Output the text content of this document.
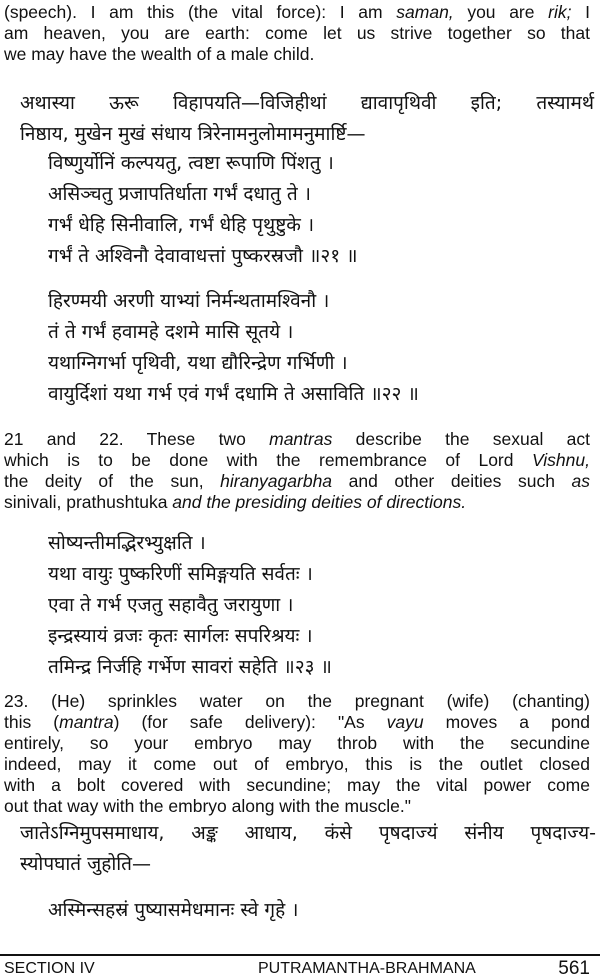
(speech). I am this (the vital force): I am saman, you are rik; I
am heaven, you are earth: come let us strive together so that
we may have the wealth of a male child.
अथास्या ऊरू विहापयति—विजिहीथां द्यावापृथिवी इति; तस्यामर्थ
निष्ठाय, मुखेन मुखं संधाय त्रिरेनामनुलोमामनुमार्ष्टि—
विष्णुर्योनिं कल्पयतु, त्वष्टा रूपाणि पिंशतु ।
असिञ्चतु प्रजापतिर्धाता गर्भं दधातु ते ।
गर्भं धेहि सिनीवालि, गर्भं धेहि पृथुष्टुके ।
गर्भं ते अश्विनौ देवावाधत्तां पुष्करस्रजौ ॥२१ ॥
हिरण्मयी अरणी याभ्यां निर्मन्थतामश्विनौ ।
तं ते गर्भं हवामहे दशमे मासि सूतये ।
यथाग्निगर्भा पृथिवी, यथा द्यौरिन्द्रेण गर्भिणी ।
वायुर्दिशां यथा गर्भ एवं गर्भं दधामि ते असाविति ॥२२ ॥
21 and 22. These two mantras describe the sexual act
which is to be done with the remembrance of Lord Vishnu,
the deity of the sun, hiranyagarbha and other deities such as
sinivali, prathushtuka and the presiding deities of directions.
सोष्यन्तीमद्भिरभ्युक्षति ।
यथा वायुः पुष्करिणीं समिङ्गयति सर्वतः ।
एवा ते गर्भ एजतु सहावैतु जरायुणा ।
इन्द्रस्यायं व्रजः कृतः सार्गलः सपरिश्रयः ।
तमिन्द्र निर्जहि गर्भेण सावरां सहेति ॥२३ ॥
23. (He) sprinkles water on the pregnant (wife) (chanting)
this (mantra) (for safe delivery): "As vayu moves a pond
entirely, so your embryo may throb with the secundine
indeed, may it come out of embryo, this is the outlet closed
with a bolt covered with secundine; may the vital power come
out that way with the embryo along with the muscle."
जातेऽग्निमुपसमाधाय, अङ्क आधाय, कंसे पृषदाज्यं संनीय पृषदाज्य-
स्योपघातं जुहोति—
अस्मिन्सहस्रं पुष्यासमेधमानः स्वे गृहे ।
SECTION IV	PUTRAMANTHA-BRAHMANA	561
